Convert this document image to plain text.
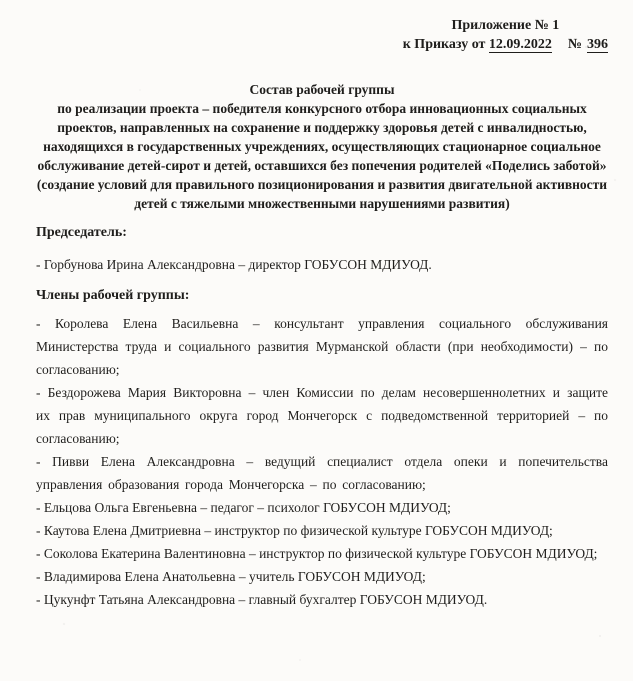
Приложение № 1
к Приказу от 12.09.2022 № 396
Состав рабочей группы
по реализации проекта – победителя конкурсного отбора инновационных социальных проектов, направленных на сохранение и поддержку здоровья детей с инвалидностью, находящихся в государственных учреждениях, осуществляющих стационарное социальное обслуживание детей-сирот и детей, оставшихся без попечения родителей «Поделись заботой» (создание условий для правильного позиционирования и развития двигательной активности детей с тяжелыми множественными нарушениями развития)
Председатель:

- Горбунова Ирина Александровна – директор ГОБУСОН МДИУОД.

Члены рабочей группы:

- Королева Елена Васильевна – консультант управления социального обслуживания Министерства труда и социального развития Мурманской области (при необходимости) – по согласованию;

- Бездорожева Мария Викторовна – член Комиссии по делам несовершеннолетних и защите их прав муниципального округа город Мончегорск с подведомственной территорией – по согласованию;

- Пивви Елена Александровна – ведущий специалист отдела опеки и попечительства управления образования города Мончегорска – по согласованию;

- Ельцова Ольга Евгеньевна – педагог – психолог ГОБУСОН МДИУОД;

- Каутова Елена Дмитриевна – инструктор по физической культуре ГОБУСОН МДИУОД;

- Соколова Екатерина Валентиновна – инструктор по физической культуре ГОБУСОН МДИУОД;

- Владимирова Елена Анатольевна – учитель ГОБУСОН МДИУОД;

- Цукунфт Татьяна Александровна – главный бухгалтер ГОБУСОН МДИУОД.
